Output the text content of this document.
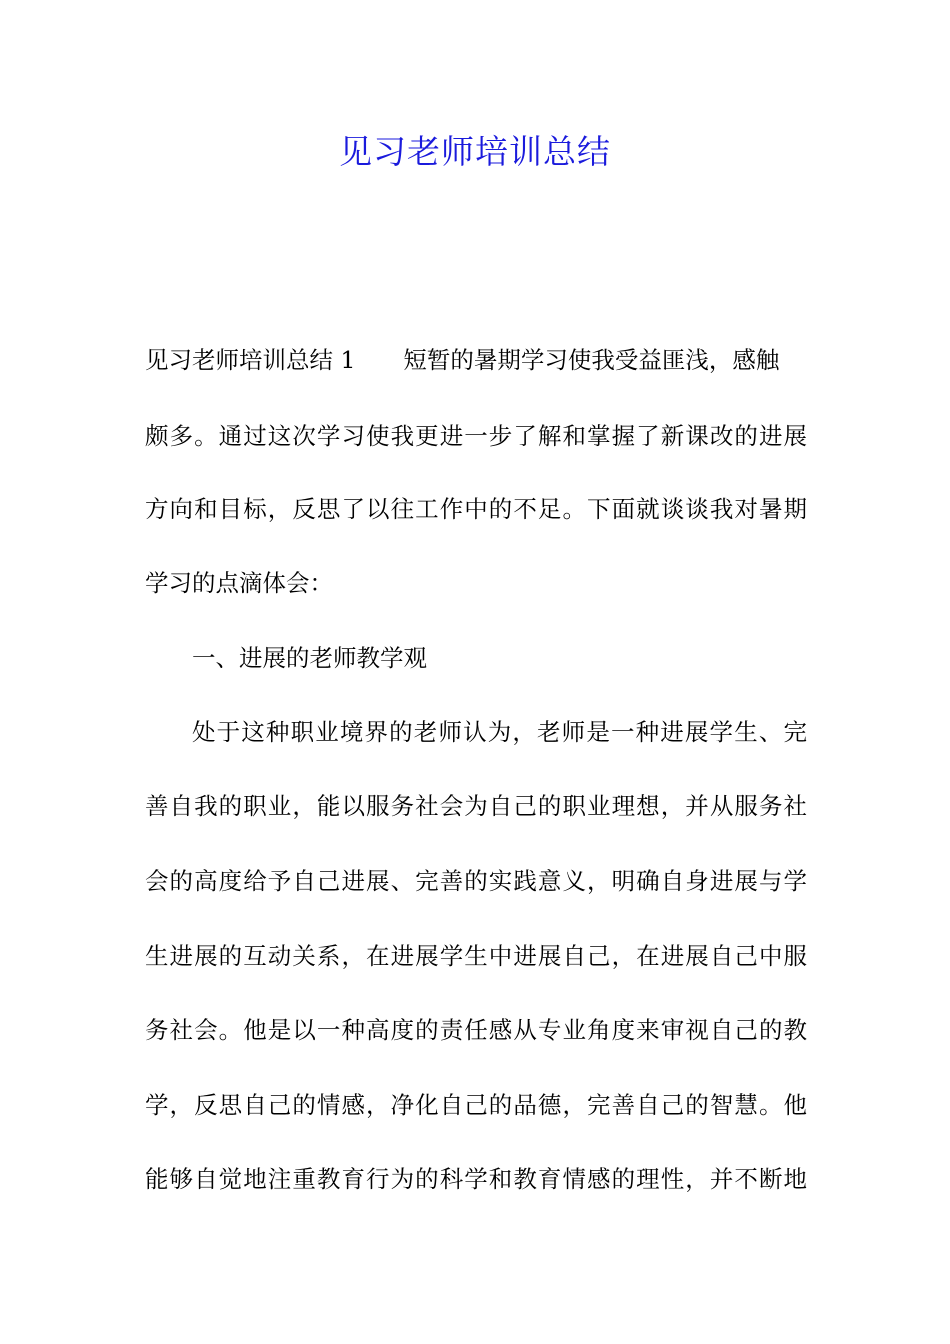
见习老师培训总结
见习老师培训总结 1 短暂的暑期学习使我受益匪浅，感触
颇多。通过这次学习使我更进一步了解和掌握了新课改的进展
方向和目标，反思了以往工作中的不足。下面就谈谈我对暑期
学习的点滴体会：
一、进展的老师教学观
处于这种职业境界的老师认为，老师是一种进展学生、完
善自我的职业，能以服务社会为自己的职业理想，并从服务社
会的高度给予自己进展、完善的实践意义，明确自身进展与学
生进展的互动关系，在进展学生中进展自己，在进展自己中服
务社会。他是以一种高度的责任感从专业角度来审视自己的教
学，反思自己的情感，净化自己的品德，完善自己的智慧。他
能够自觉地注重教育行为的科学和教育情感的理性，并不断地
